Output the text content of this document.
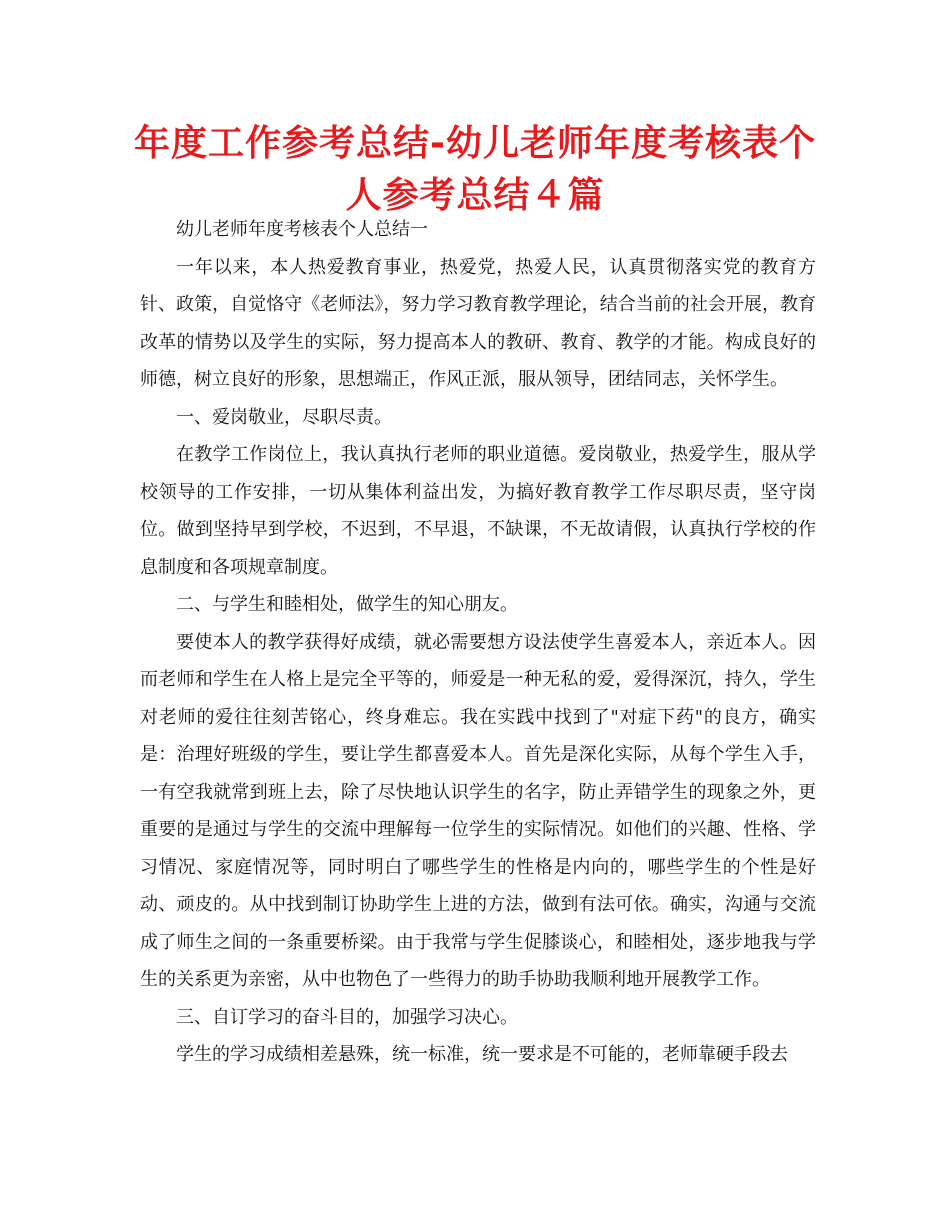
年度工作参考总结-幼儿老师年度考核表个人参考总结４篇

幼儿老师年度考核表个人总结一

一年以来，本人热爱教育事业，热爱党，热爱人民，认真贯彻落实党的教育方针、政策，自觉恪守《老师法》，努力学习教育教学理论，结合当前的社会开展，教育改革的情势以及学生的实际，努力提高本人的教研、教育、教学的才能。构成良好的师德，树立良好的形象，思想端正，作风正派，服从领导，团结同志，关怀学生。

一、爱岗敬业，尽职尽责。

在教学工作岗位上，我认真执行老师的职业道德。爱岗敬业，热爱学生，服从学校领导的工作安排，一切从集体利益出发，为搞好教育教学工作尽职尽责，坚守岗位。做到坚持早到学校，不迟到，不早退，不缺课，不无故请假，认真执行学校的作息制度和各项规章制度。

二、与学生和睦相处，做学生的知心朋友。

要使本人的教学获得好成绩，就必需要想方设法使学生喜爱本人，亲近本人。因而老师和学生在人格上是完全平等的，师爱是一种无私的爱，爱得深沉，持久，学生对老师的爱往往刻苦铭心，终身难忘。我在实践中找到了"对症下药"的良方，确实是：治理好班级的学生，要让学生都喜爱本人。首先是深化实际，从每个学生入手，一有空我就常到班上去，除了尽快地认识学生的名字，防止弄错学生的现象之外，更重要的是通过与学生的交流中理解每一位学生的实际情况。如他们的兴趣、性格、学习情况、家庭情况等，同时明白了哪些学生的性格是内向的，哪些学生的个性是好动、顽皮的。从中找到制订协助学生上进的方法，做到有法可依。确实，沟通与交流成了师生之间的一条重要桥梁。由于我常与学生促膝谈心，和睦相处，逐步地我与学生的关系更为亲密，从中也物色了一些得力的助手协助我顺利地开展教学工作。

三、自订学习的奋斗目的，加强学习决心。

学生的学习成绩相差悬殊，统一标准，统一要求是不可能的，老师靠硬手段去
